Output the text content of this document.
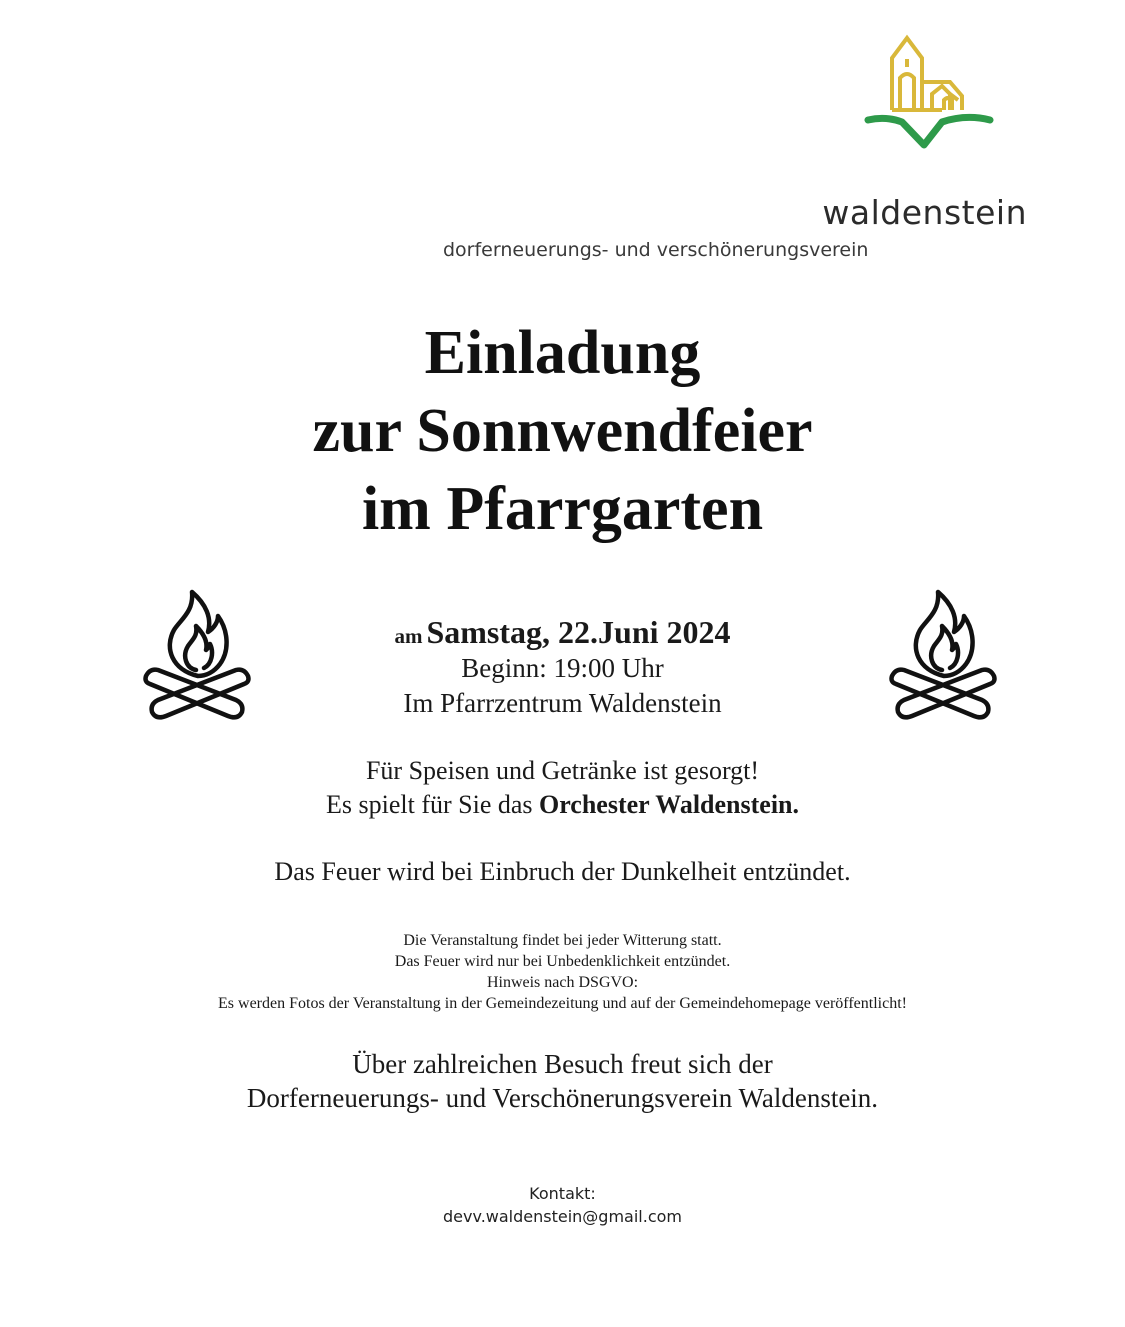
waldenstein
dorferneuerungs- und verschönerungsverein
Einladung
zur Sonnwendfeier
im Pfarrgarten
am Samstag, 22.Juni 2024
Beginn: 19:00 Uhr
Im Pfarrzentrum Waldenstein
Für Speisen und Getränke ist gesorgt!
Es spielt für Sie das Orchester Waldenstein.
Das Feuer wird bei Einbruch der Dunkelheit entzündet.
Die Veranstaltung findet bei jeder Witterung statt.
Das Feuer wird nur bei Unbedenklichkeit entzündet.
Hinweis nach DSGVO:
Es werden Fotos der Veranstaltung in der Gemeindezeitung und auf der Gemeindehomepage veröffentlicht!
Über zahlreichen Besuch freut sich der
Dorferneuerungs- und Verschönerungsverein Waldenstein.
Kontakt:
devv.waldenstein@gmail.com
